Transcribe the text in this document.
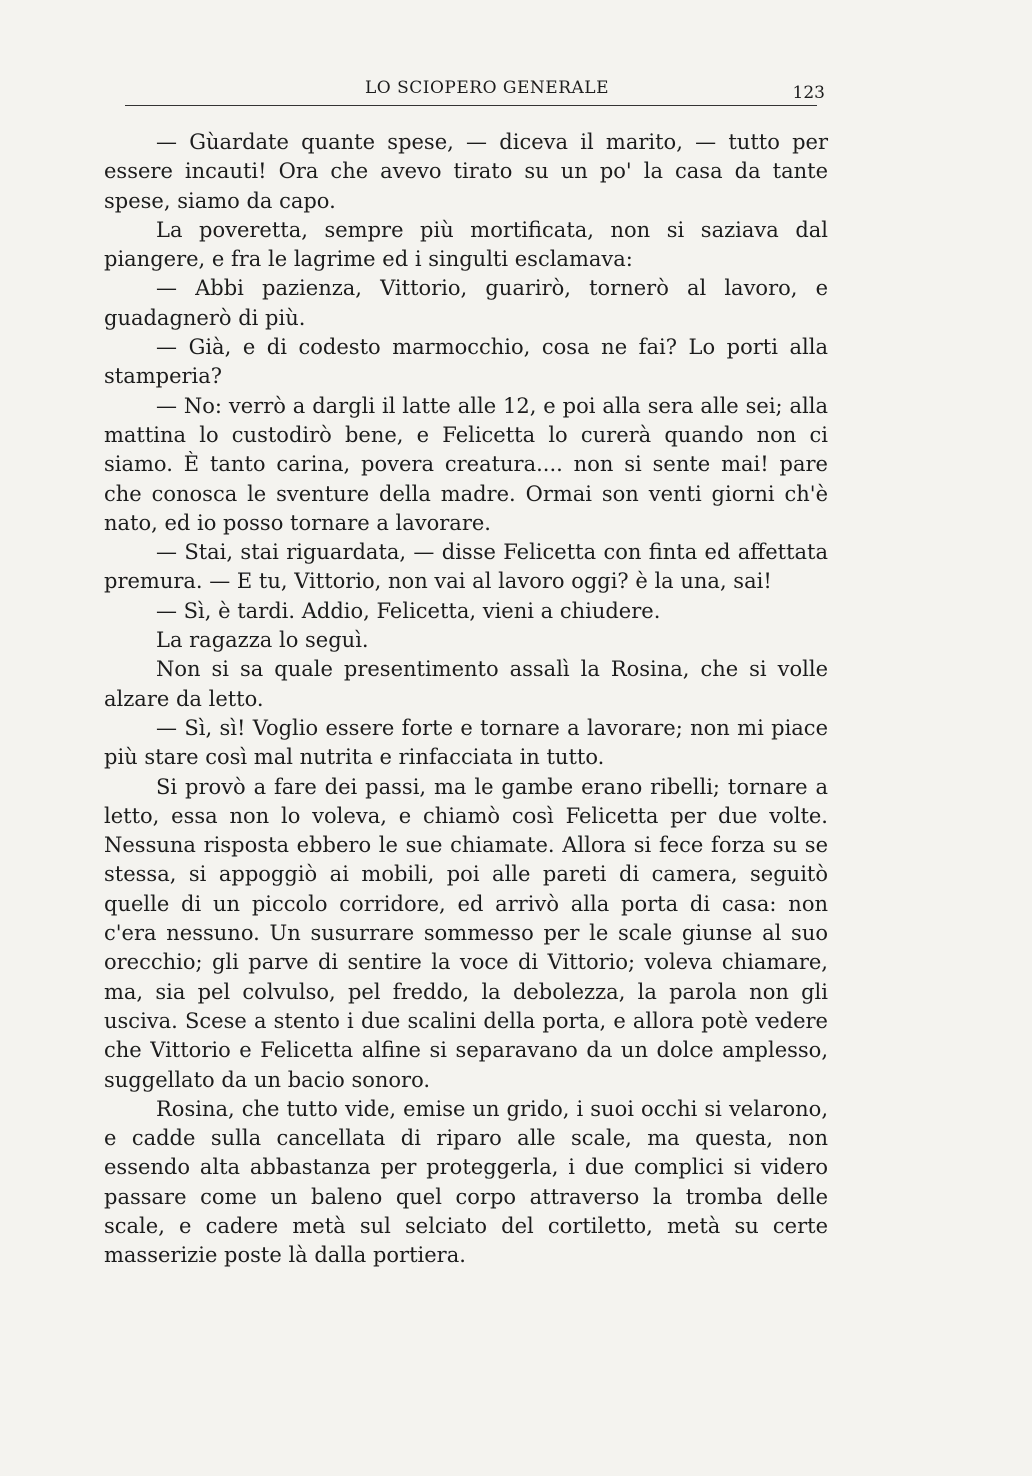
LO SCIOPERO GENERALE	123

— Gùardate quante spese, — diceva il marito, — tutto per essere incauti! Ora che avevo tirato su un po' la casa da tante spese, siamo da capo.

La poveretta, sempre più mortificata, non si saziava dal piangere, e fra le lagrime ed i singulti esclamava:

— Abbi pazienza, Vittorio, guarirò, tornerò al lavoro, e guadagnerò di più.

— Già, e di codesto marmocchio, cosa ne fai? Lo porti alla stamperia?

— No: verrò a dargli il latte alle 12, e poi alla sera alle sei; alla mattina lo custodirò bene, e Felicetta lo curerà quando non ci siamo. È tanto carina, povera creatura.... non si sente mai! pare che conosca le sventure della madre. Ormai son venti giorni ch'è nato, ed io posso tornare a lavorare.

— Stai, stai riguardata, — disse Felicetta con finta ed affettata premura. — E tu, Vittorio, non vai al lavoro oggi? è la una, sai!

— Sì, è tardi. Addio, Felicetta, vieni a chiudere.

La ragazza lo seguì.

Non si sa quale presentimento assalì la Rosina, che si volle alzare da letto.

— Sì, sì! Voglio essere forte e tornare a lavorare; non mi piace più stare così mal nutrita e rinfacciata in tutto.

Si provò a fare dei passi, ma le gambe erano ribelli; tornare a letto, essa non lo voleva, e chiamò così Felicetta per due volte. Nessuna risposta ebbero le sue chiamate. Allora si fece forza su se stessa, si appoggiò ai mobili, poi alle pareti di camera, seguitò quelle di un piccolo corridore, ed arrivò alla porta di casa: non c'era nessuno. Un susurrare sommesso per le scale giunse al suo orecchio; gli parve di sentire la voce di Vittorio; voleva chiamare, ma, sia pel colvulso, pel freddo, la debolezza, la parola non gli usciva. Scese a stento i due scalini della porta, e allora potè vedere che Vittorio e Felicetta alfine si separavano da un dolce amplesso, suggellato da un bacio sonoro.

Rosina, che tutto vide, emise un grido, i suoi occhi si velarono, e cadde sulla cancellata di riparo alle scale, ma questa, non essendo alta abbastanza per proteggerla, i due complici si videro passare come un baleno quel corpo attraverso la tromba delle scale, e cadere metà sul selciato del cortiletto, metà su certe masserizie poste là dalla portiera.
